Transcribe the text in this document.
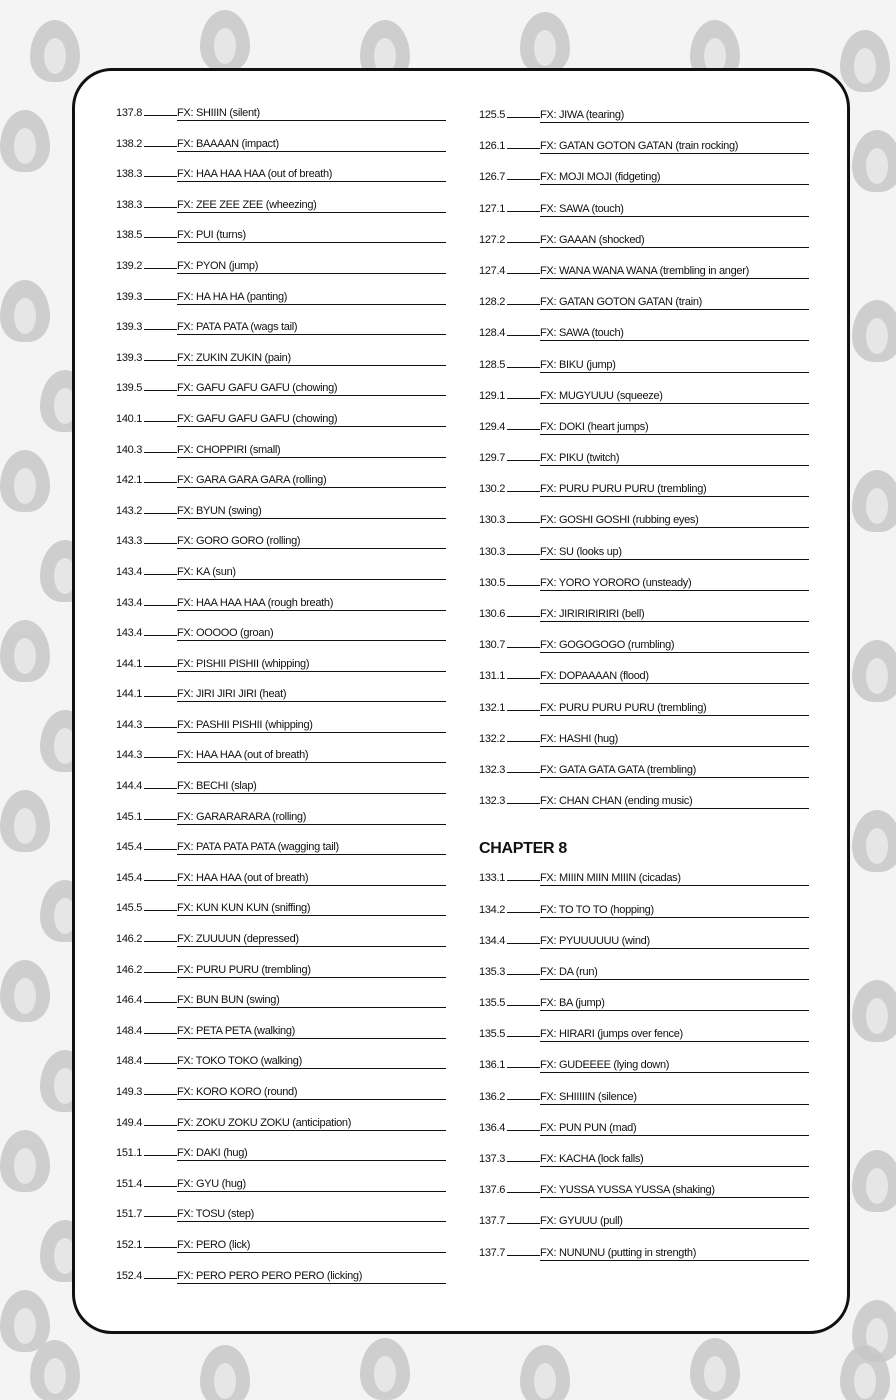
137.8	FX: SHIIIN (silent)
138.2	FX: BAAAAN (impact)
138.3	FX: HAA HAA HAA (out of breath)
138.3	FX: ZEE ZEE ZEE (wheezing)
138.5	FX: PUI (turns)
139.2	FX: PYON (jump)
139.3	FX: HA HA HA (panting)
139.3	FX: PATA PATA (wags tail)
139.3	FX: ZUKIN ZUKIN (pain)
139.5	FX: GAFU GAFU GAFU (chowing)
140.1	FX: GAFU GAFU GAFU (chowing)
140.3	FX: CHOPPIRI (small)
142.1	FX: GARA GARA GARA (rolling)
143.2	FX: BYUN (swing)
143.3	FX: GORO GORO (rolling)
143.4	FX: KA (sun)
143.4	FX: HAA HAA HAA (rough breath)
143.4	FX: OOOOO (groan)
144.1	FX: PISHII PISHII (whipping)
144.1	FX: JIRI JIRI JIRI (heat)
144.3	FX: PASHII PISHII (whipping)
144.3	FX: HAA HAA (out of breath)
144.4	FX: BECHI (slap)
145.1	FX: GARARARARA (rolling)
145.4	FX: PATA PATA PATA (wagging tail)
145.4	FX: HAA HAA (out of breath)
145.5	FX: KUN KUN KUN (sniffing)
146.2	FX: ZUUUUN (depressed)
146.2	FX: PURU PURU (trembling)
146.4	FX: BUN BUN (swing)
148.4	FX: PETA PETA (walking)
148.4	FX: TOKO TOKO (walking)
149.3	FX: KORO KORO (round)
149.4	FX: ZOKU ZOKU ZOKU (anticipation)
151.1	FX: DAKI (hug)
151.4	FX: GYU (hug)
151.7	FX: TOSU (step)
152.1	FX: PERO (lick)
152.4	FX: PERO PERO PERO PERO (licking)
125.5	FX: JIWA (tearing)
126.1	FX: GATAN GOTON GATAN (train rocking)
126.7	FX: MOJI MOJI (fidgeting)
127.1	FX: SAWA (touch)
127.2	FX: GAAAN (shocked)
127.4	FX: WANA WANA WANA (trembling in anger)
128.2	FX: GATAN GOTON GATAN (train)
128.4	FX: SAWA (touch)
128.5	FX: BIKU (jump)
129.1	FX: MUGYUUU (squeeze)
129.4	FX: DOKI (heart jumps)
129.7	FX: PIKU (twitch)
130.2	FX: PURU PURU PURU (trembling)
130.3	FX: GOSHI GOSHI (rubbing eyes)
130.3	FX: SU (looks up)
130.5	FX: YORO YORORO (unsteady)
130.6	FX: JIRIRIRIRIRI (bell)
130.7	FX: GOGOGOGO (rumbling)
131.1	FX: DOPAAAAN (flood)
132.1	FX: PURU PURU PURU (trembling)
132.2	FX: HASHI (hug)
132.3	FX: GATA GATA GATA (trembling)
132.3	FX: CHAN CHAN (ending music)
CHAPTER 8
133.1	FX: MIIIN MIIN MIIIN (cicadas)
134.2	FX: TO TO TO (hopping)
134.4	FX: PYUUUUUU (wind)
135.3	FX: DA (run)
135.5	FX: BA (jump)
135.5	FX: HIRARI (jumps over fence)
136.1	FX: GUDEEEE (lying down)
136.2	FX: SHIIIIIN (silence)
136.4	FX: PUN PUN (mad)
137.3	FX: KACHA (lock falls)
137.6	FX: YUSSA YUSSA YUSSA (shaking)
137.7	FX: GYUUU (pull)
137.7	FX: NUNUNU (putting in strength)
